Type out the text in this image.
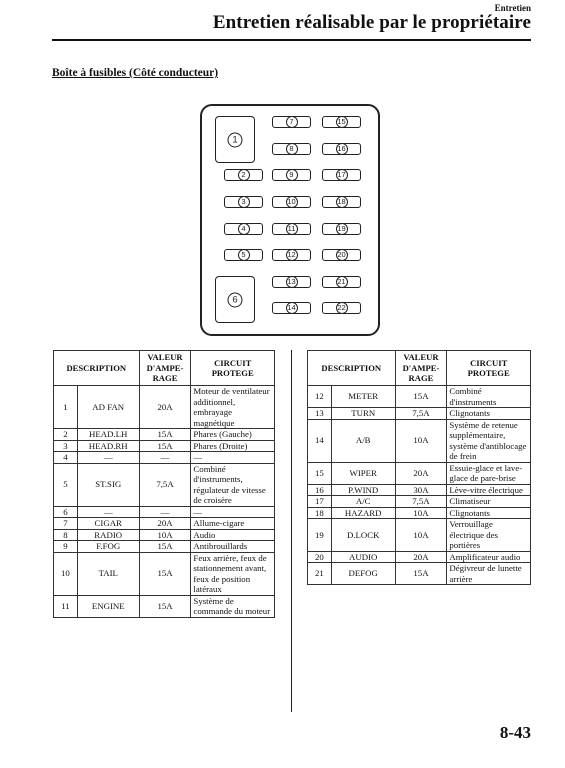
Entretien
Entretien réalisable par le propriétaire
Boîte à fusibles (Côté conducteur)
1
2
3
4
5
6
7
8
9
10
11
12
13
14
15
16
17
18
19
20
21
22
DESCRIPTION		VALEUR D'AMPE- RAGE	CIRCUIT PROTEGE
1	AD FAN	20A	Moteur de ventilateur additionnel, embrayage magnétique
2	HEAD.LH	15A	Phares (Gauche)
3	HEAD.RH	15A	Phares (Droite)
4	—	—	—
5	ST.SIG	7,5A	Combiné d'instruments, régulateur de vitesse de croisère
6	—	—	—
7	CIGAR	20A	Allume-cigare
8	RADIO	10A	Audio
9	F.FOG	15A	Antibrouillards
10	TAIL	15A	Feux arrière, feux de stationnement avant, feux de position latéraux
11	ENGINE	15A	Système de commande du moteur
DESCRIPTION		VALEUR D'AMPE- RAGE	CIRCUIT PROTEGE
12	METER	15A	Combiné d'instruments
13	TURN	7,5A	Clignotants
14	A/B	10A	Système de retenue supplémentaire, système d'antiblocage de frein
15	WIPER	20A	Essuie-glace et lave-glace de pare-brise
16	P.WIND	30A	Lève-vitre électrique
17	A/C	7,5A	Climatiseur
18	HAZARD	10A	Clignotants
19	D.LOCK	10A	Verrouillage électrique des portières
20	AUDIO	20A	Amplificateur audio
21	DEFOG	15A	Dégivreur de lunette arrière
8-43
